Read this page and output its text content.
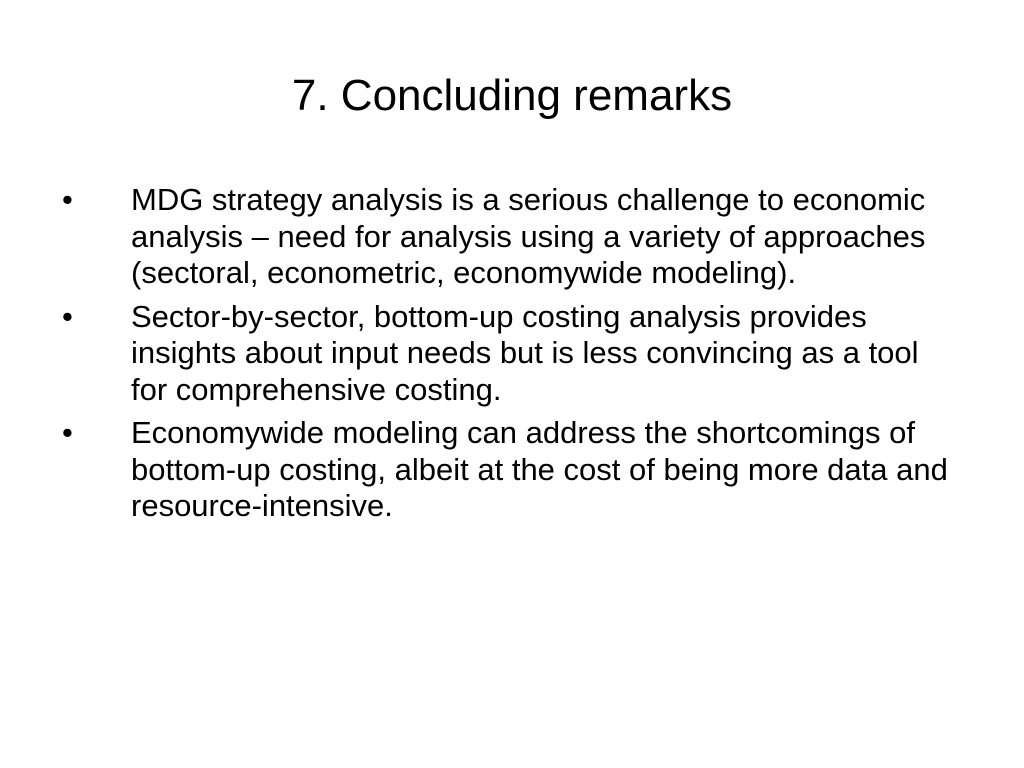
7. Concluding remarks
•	MDG strategy analysis is a serious challenge to economic analysis – need for analysis using a variety of approaches (sectoral, econometric, economywide modeling).
•	Sector-by-sector, bottom-up costing analysis provides insights about input needs but is less convincing as a tool for comprehensive costing.
•	Economywide modeling can address the shortcomings of bottom-up costing, albeit at the cost of being more data and resource-intensive.
